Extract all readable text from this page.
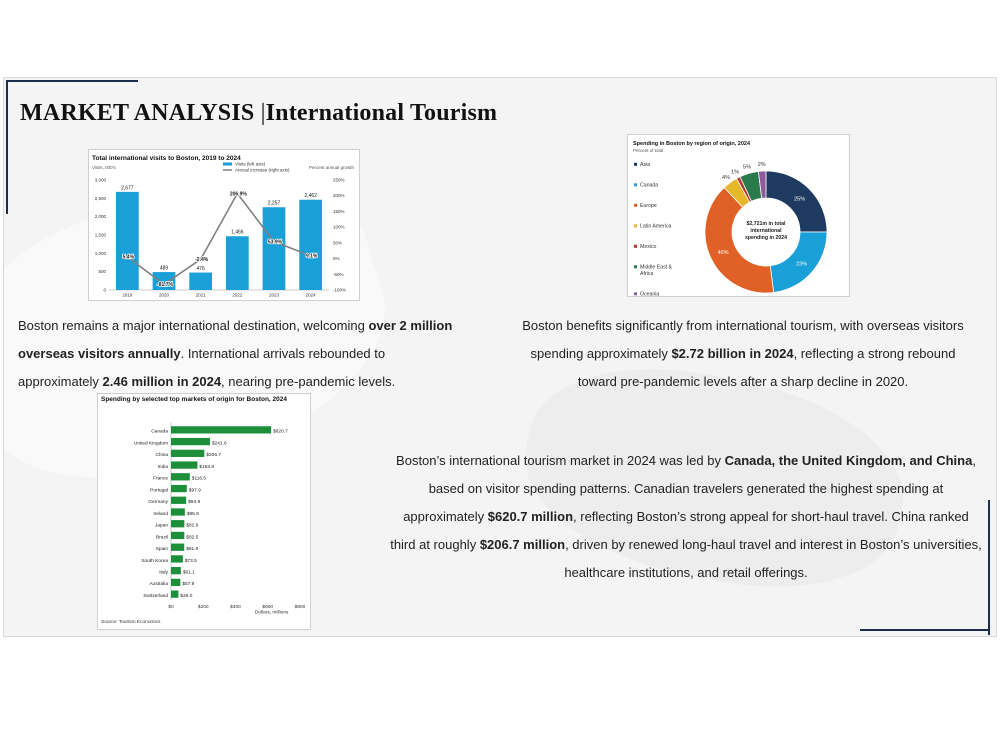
MARKET ANALYSIS |International Tourism
Total international visits to Boston, 2019 to 2024
Visits, 000's	Percent annual growth
Visits (left axis)
Annual increase (right axis)
0
500
1,000
1,500
2,000
2,500
3,000
-100%
-50%
0%
50%
100%
150%
200%
250%
2,677
2019
489
2020
476
2021
1,466
2022
2,257
2023
2,462
2024
5.4%
-81.7%
-2.4%
206.9%
53.9%
9.1%
Spending in Boston by region of origin, 2024
Percent of total
25%
23%
40%
4%
1%
5% 2%
$2,721m in total
international
spending in 2024
Asia
Canada
Europe
Latin America
Mexico
Middle East & Africa
Oceania
Spending by selected top markets of origin for Boston, 2024
Source: Tourism Economics
Canada	$620.7
United Kingdom	$241.6
China	$206.7
India	$163.8
France	$116.5
Portugal	$97.9
Germany	$93.9
Ireland	$85.9
Japan	$82.6
Brazil	$82.5
Spain	$81.9
South Korea	$73.5
Italy	$61.1
Australia	$57.9
Switzerland	$46.0
$0	$200	$400	$600	$800
Dollars, millions

Boston remains a major international destination, welcoming over 2 million overseas visitors annually. International arrivals rebounded to approximately 2.46 million in 2024, nearing pre-pandemic levels.

Boston benefits significantly from international tourism, with overseas visitors spending approximately $2.72 billion in 2024, reflecting a strong rebound toward pre-pandemic levels after a sharp decline in 2020.

Boston’s international tourism market in 2024 was led by Canada, the United Kingdom, and China, based on visitor spending patterns. Canadian travelers generated the highest spending at approximately $620.7 million, reflecting Boston’s strong appeal for short-haul travel. China ranked third at roughly $206.7 million, driven by renewed long-haul travel and interest in Boston’s universities, healthcare institutions, and retail offerings.
